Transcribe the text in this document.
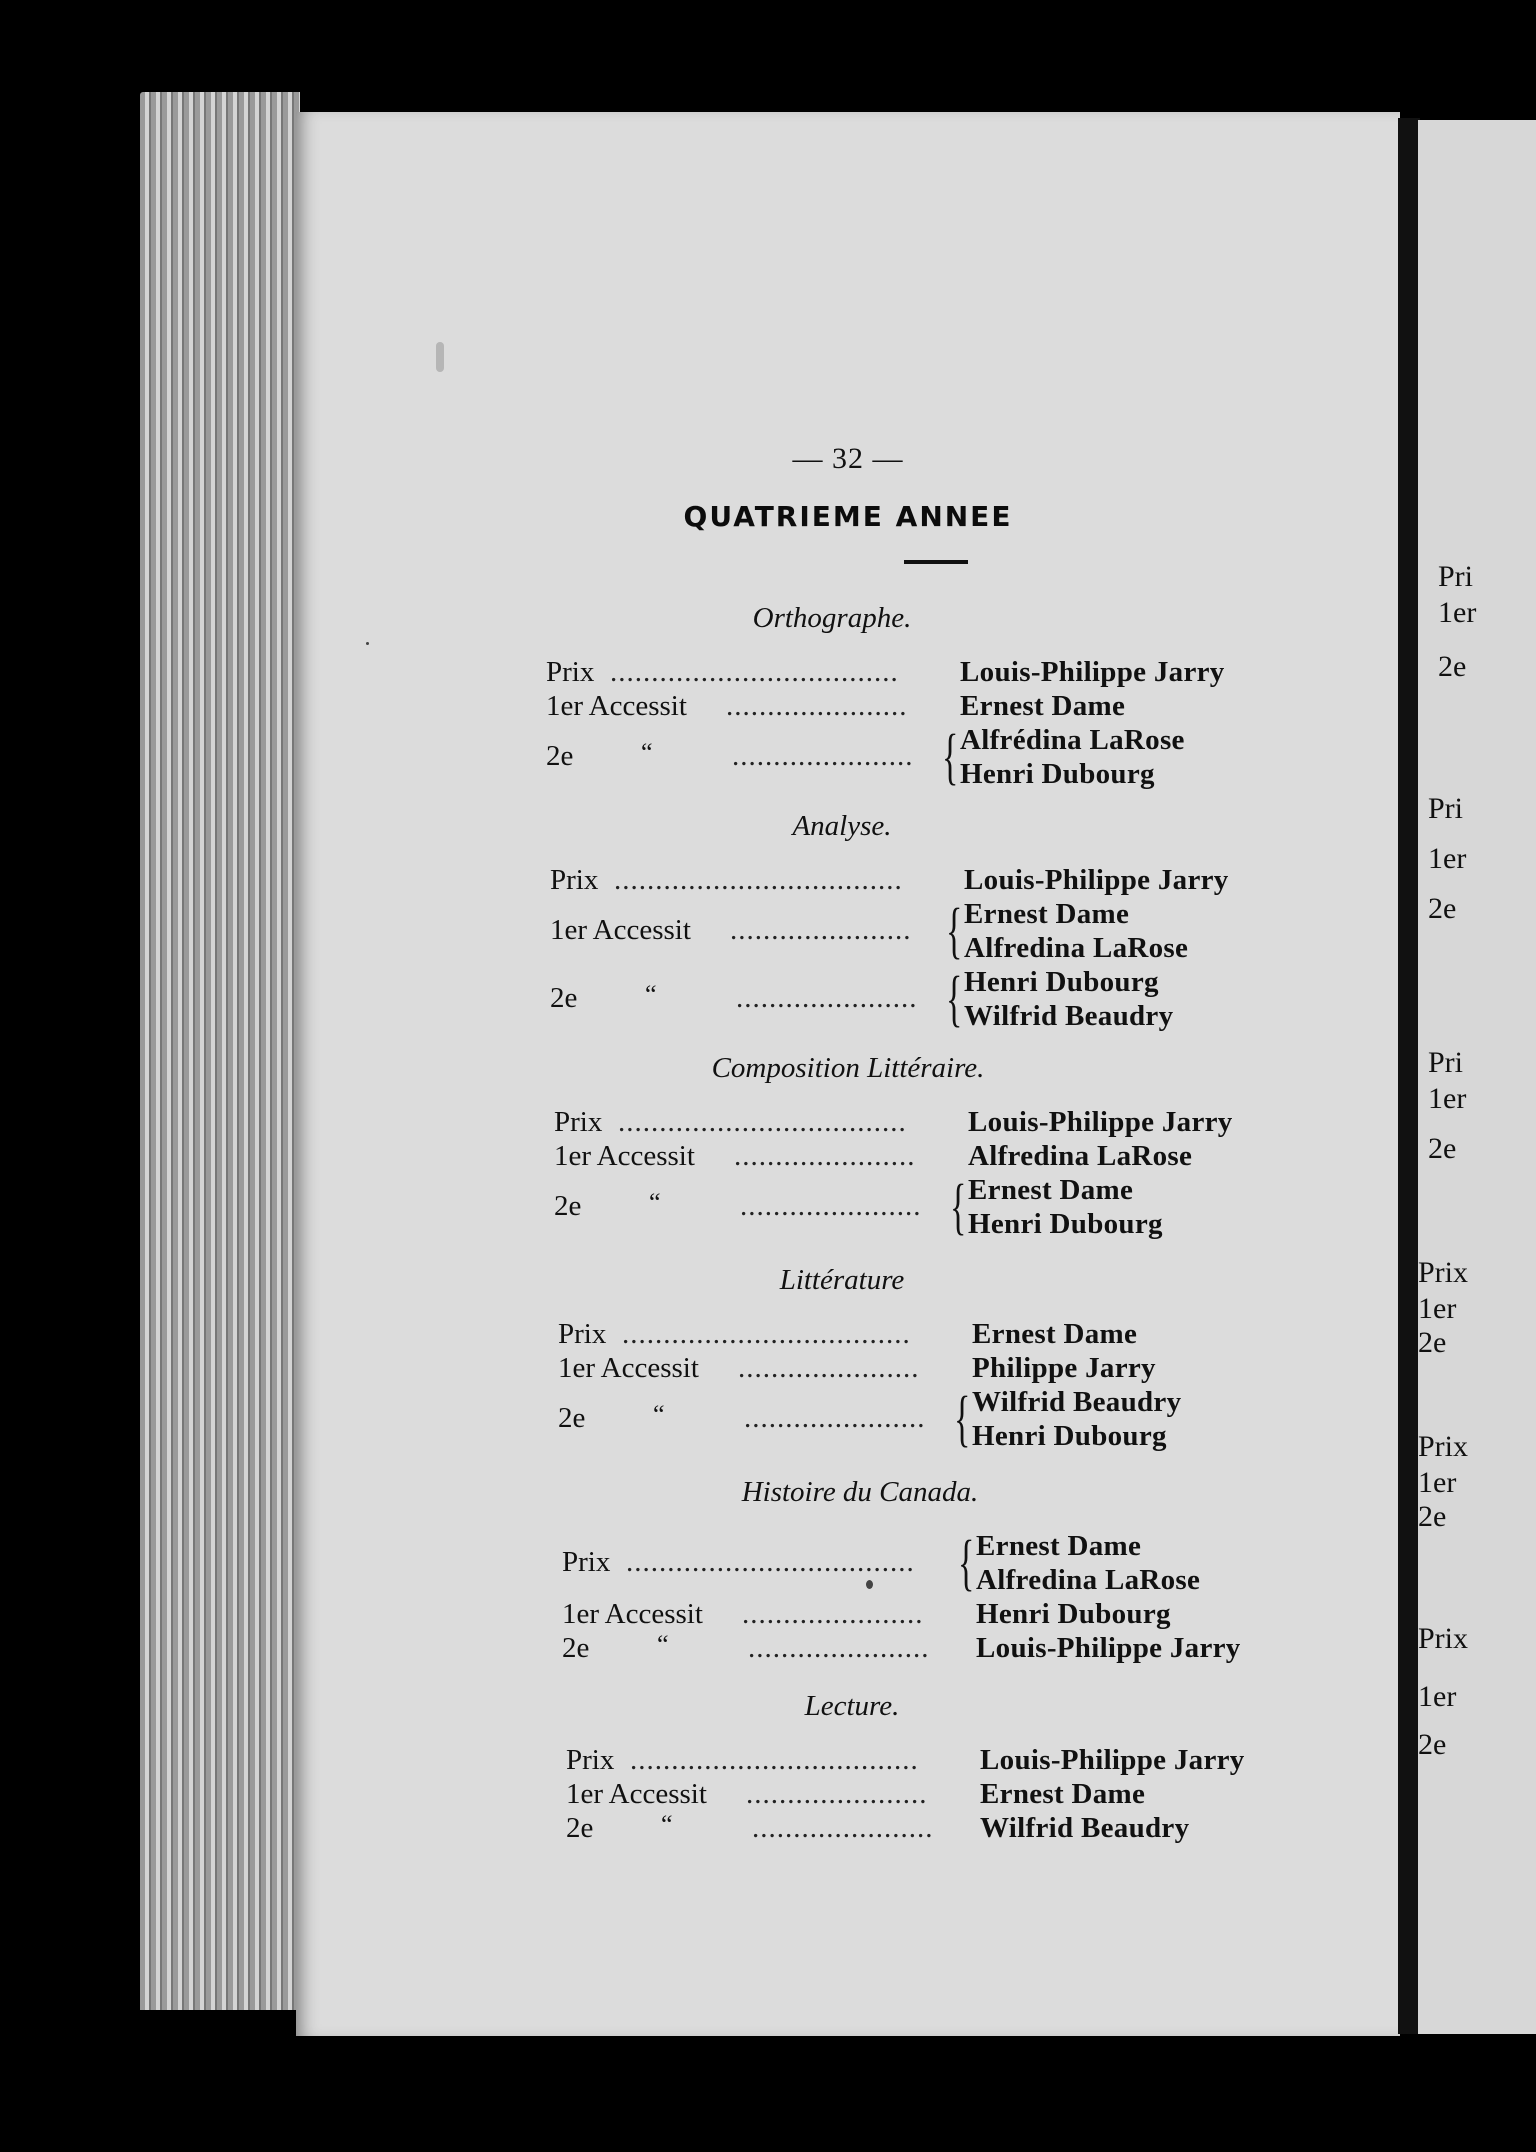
— 32 —
QUATRIEME ANNEE
Orthographe.
Prix ................................... Louis-Philippe Jarry
1er Accessit ...................... Ernest Dame
2e	“	...................... { Alfrédina LaRose
Henri Dubourg
Analyse.
Prix ................................... Louis-Philippe Jarry
1er Accessit ...................... { Ernest Dame
Alfredina LaRose
2e	“	...................... { Henri Dubourg
Wilfrid Beaudry
Composition Littéraire.
Prix ................................... Louis-Philippe Jarry
1er Accessit ...................... Alfredina LaRose
2e	“	...................... { Ernest Dame
Henri Dubourg
Littérature
Prix ................................... Ernest Dame
1er Accessit ...................... Philippe Jarry
2e	“	...................... { Wilfrid Beaudry
Henri Dubourg
Histoire du Canada.
Prix ................................... { Ernest Dame
Alfredina LaRose
1er Accessit ...................... Henri Dubourg
2e	“	...................... Louis-Philippe Jarry
Lecture.
Prix ................................... Louis-Philippe Jarry
1er Accessit ...................... Ernest Dame
2e	“	...................... Wilfrid Beaudry
Pri
1er
2e
Pri
1er
2e
Pri
1er
2e
Prix
1er
2e
Prix
1er
2e
Prix
1er
2e
